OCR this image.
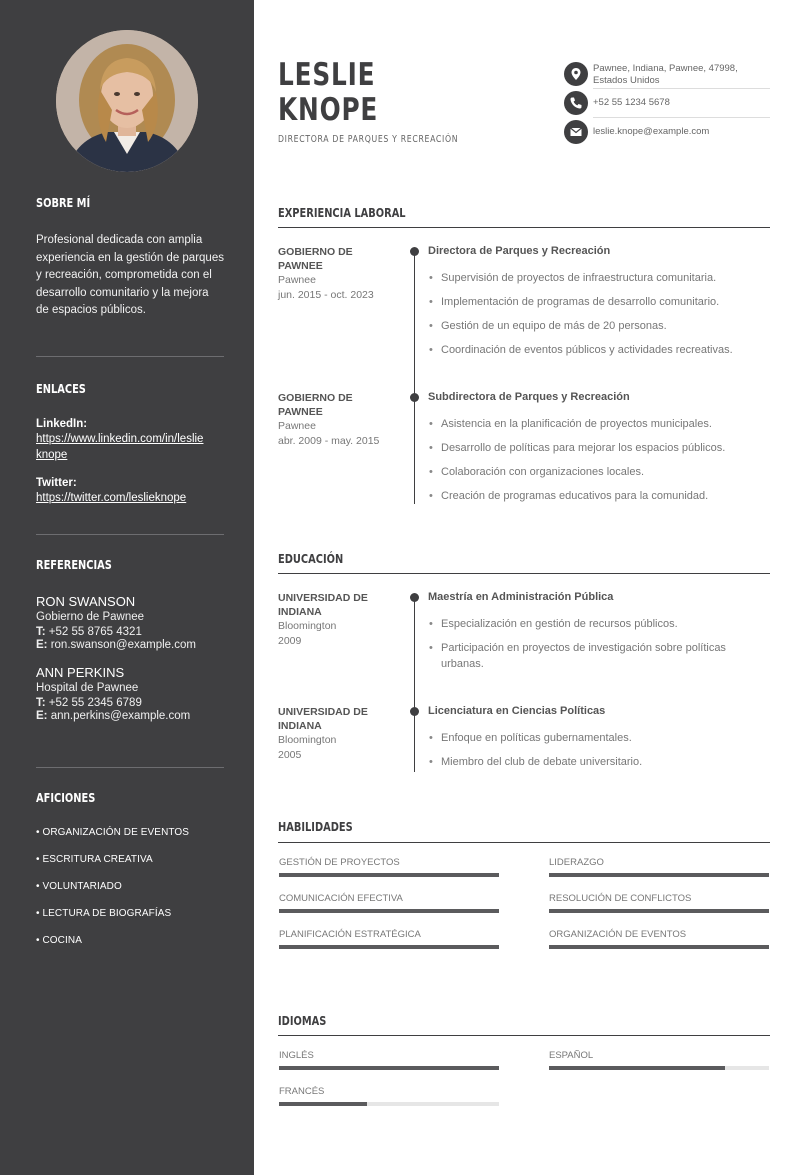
SOBRE MÍ
Profesional dedicada con amplia experiencia en la gestión de parques y recreación, comprometida con el desarrollo comunitario y la mejora de espacios públicos.
ENLACES
LinkedIn:
https://www.linkedin.com/in/leslie
knope
Twitter:
https://twitter.com/leslieknope
REFERENCIAS
RON SWANSON
Gobierno de Pawnee
T: +52 55 8765 4321
E: ron.swanson@example.com
ANN PERKINS
Hospital de Pawnee
T: +52 55 2345 6789
E: ann.perkins@example.com
AFICIONES
• ORGANIZACIÓN DE EVENTOS
• ESCRITURA CREATIVA
• VOLUNTARIADO
• LECTURA DE BIOGRAFÍAS
• COCINA
LESLIE
KNOPE
DIRECTORA DE PARQUES Y RECREACIÓN
Pawnee, Indiana, Pawnee, 47998,
Estados Unidos
+52 55 1234 5678
leslie.knope@example.com
EXPERIENCIA LABORAL
GOBIERNO DE
PAWNEE
Pawnee
jun. 2015 - oct. 2023
Directora de Parques y Recreación
• Supervisión de proyectos de infraestructura comunitaria.
• Implementación de programas de desarrollo comunitario.
• Gestión de un equipo de más de 20 personas.
• Coordinación de eventos públicos y actividades recreativas.
GOBIERNO DE
PAWNEE
Pawnee
abr. 2009 - may. 2015
Subdirectora de Parques y Recreación
• Asistencia en la planificación de proyectos municipales.
• Desarrollo de políticas para mejorar los espacios públicos.
• Colaboración con organizaciones locales.
• Creación de programas educativos para la comunidad.
EDUCACIÓN
UNIVERSIDAD DE
INDIANA
Bloomington
2009
Maestría en Administración Pública
• Especialización en gestión de recursos públicos.
• Participación en proyectos de investigación sobre políticas urbanas.
UNIVERSIDAD DE
INDIANA
Bloomington
2005
Licenciatura en Ciencias Políticas
• Enfoque en políticas gubernamentales.
• Miembro del club de debate universitario.
HABILIDADES
GESTIÓN DE PROYECTOS	LIDERAZGO
COMUNICACIÓN EFECTIVA	RESOLUCIÓN DE CONFLICTOS
PLANIFICACIÓN ESTRATÉGICA	ORGANIZACIÓN DE EVENTOS
IDIOMAS
INGLÉS	ESPAÑOL
FRANCÉS
